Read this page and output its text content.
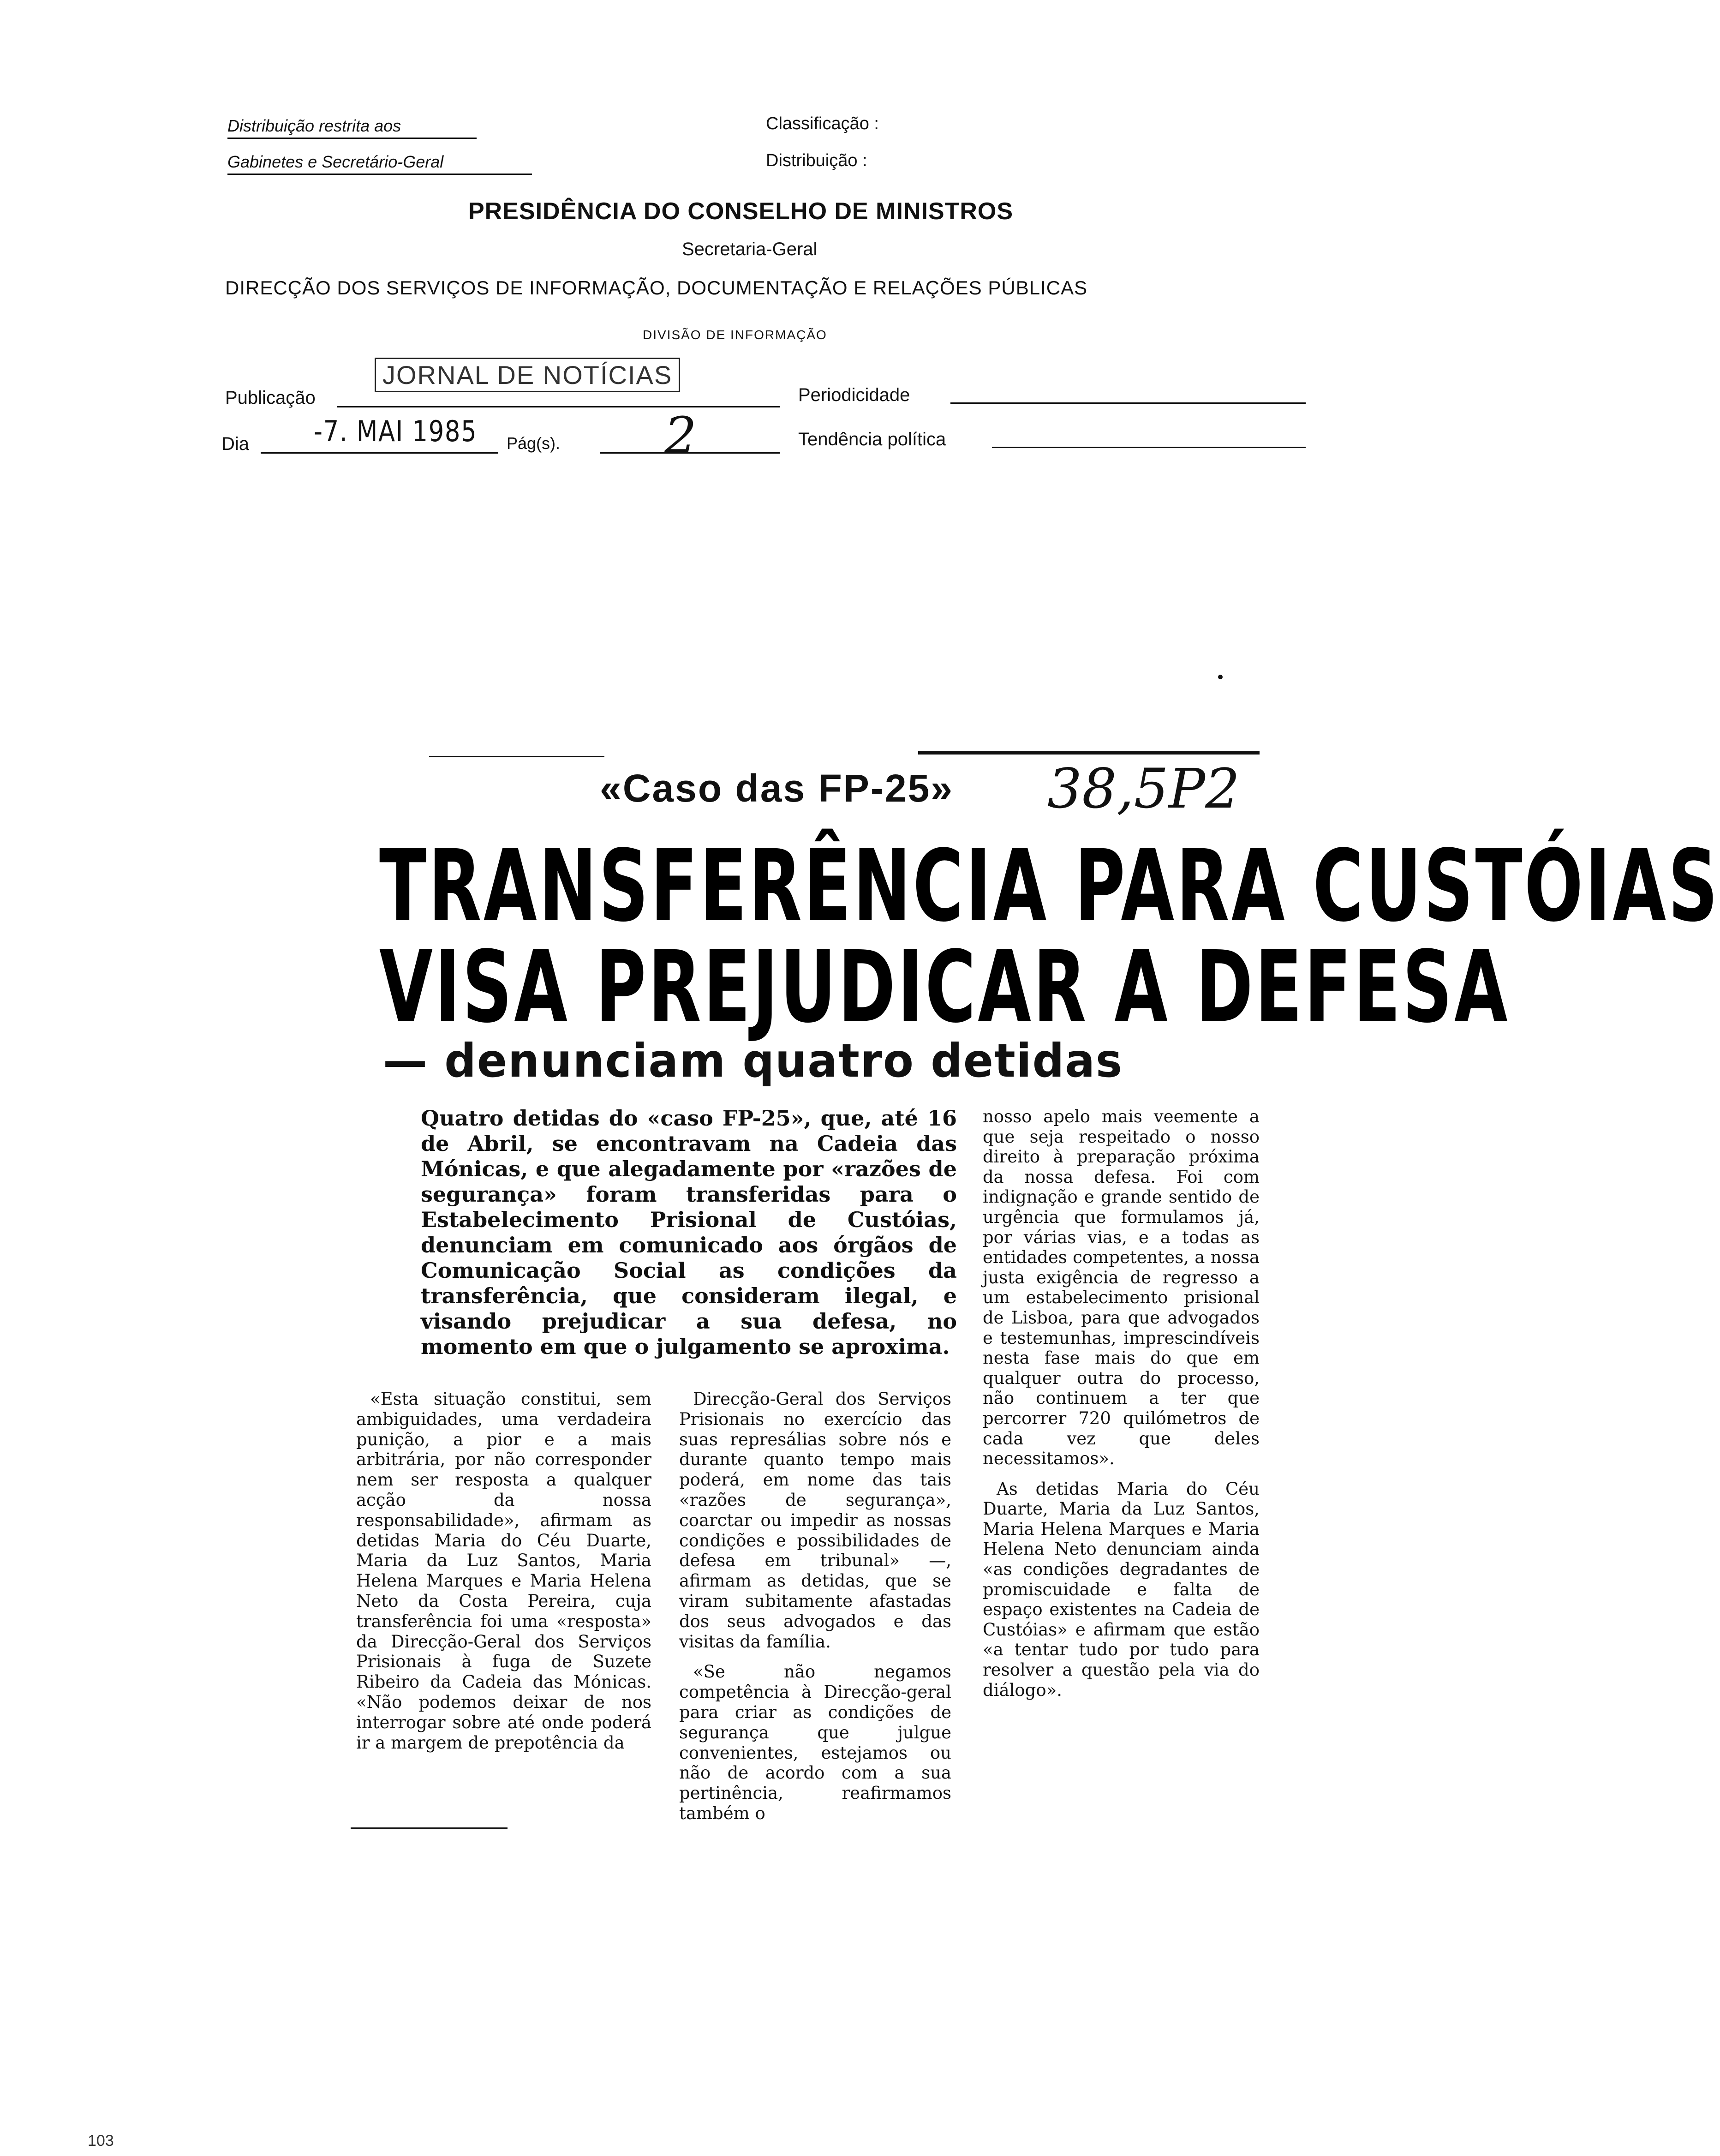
Distribuição restrita aos
Gabinetes e Secretário-Geral
Classificação :
Distribuição :
PRESIDÊNCIA DO CONSELHO DE MINISTROS
Secretaria-Geral
DIRECÇÃO DOS SERVIÇOS DE INFORMAÇÃO, DOCUMENTAÇÃO E RELAÇÕES PÚBLICAS
DIVISÃO DE INFORMAÇÃO
Publicação
JORNAL DE NOTÍCIAS
Periodicidade
Dia -7. MAI 1985 Pág(s). 2	Tendência política
«Caso das FP-25» 38,5P2
TRANSFERÊNCIA PARA CUSTÓIAS
VISA PREJUDICAR A DEFESA
— denunciam quatro detidas
Quatro detidas do «caso FP-25», que, até 16 de Abril, se encontravam na Cadeia das Mónicas, e que alegadamente por «razões de segurança» foram transferidas para o Estabelecimento Prisional de Custóias, denunciam em comunicado aos órgãos de Comunicação Social as condições da transferência, que consideram ilegal, e visando prejudicar a sua defesa, no momento em que o julgamento se aproxima.

«Esta situação constitui, sem ambiguidades, uma verdadeira punição, a pior e a mais arbitrária, por não corresponder nem ser resposta a qualquer acção da nossa responsabilidade», afirmam as detidas Maria do Céu Duarte, Maria da Luz Santos, Maria Helena Marques e Maria Helena Neto da Costa Pereira, cuja transferência foi uma «resposta» da Direcção-Geral dos Serviços Prisionais à fuga de Suzete Ribeiro da Cadeia das Mónicas. «Não podemos deixar de nos interrogar sobre até onde poderá ir a margem de prepotência da

Direcção-Geral dos Serviços Prisionais no exercício das suas represálias sobre nós e durante quanto tempo mais poderá, em nome das tais «razões de segurança», coarctar ou impedir as nossas condições e possibilidades de defesa em tribunal» —, afirmam as detidas, que se viram subitamente afastadas dos seus advogados e das visitas da família.

«Se não negamos competência à Direcção-geral para criar as condições de segurança que julgue convenientes, estejamos ou não de acordo com a sua pertinência, reafirmamos também o

nosso apelo mais veemente a que seja respeitado o nosso direito à preparação próxima da nossa defesa. Foi com indignação e grande sentido de urgência que formulamos já, por várias vias, e a todas as entidades competentes, a nossa justa exigência de regresso a um estabelecimento prisional de Lisboa, para que advogados e testemunhas, imprescindíveis nesta fase mais do que em qualquer outra do processo, não continuem a ter que percorrer 720 quilómetros de cada vez que deles necessitamos».

As detidas Maria do Céu Duarte, Maria da Luz Santos, Maria Helena Marques e Maria Helena Neto denunciam ainda «as condições degradantes de promiscuidade e falta de espaço existentes na Cadeia de Custóias» e afirmam que estão «a tentar tudo por tudo para resolver a questão pela via do diálogo».

103
